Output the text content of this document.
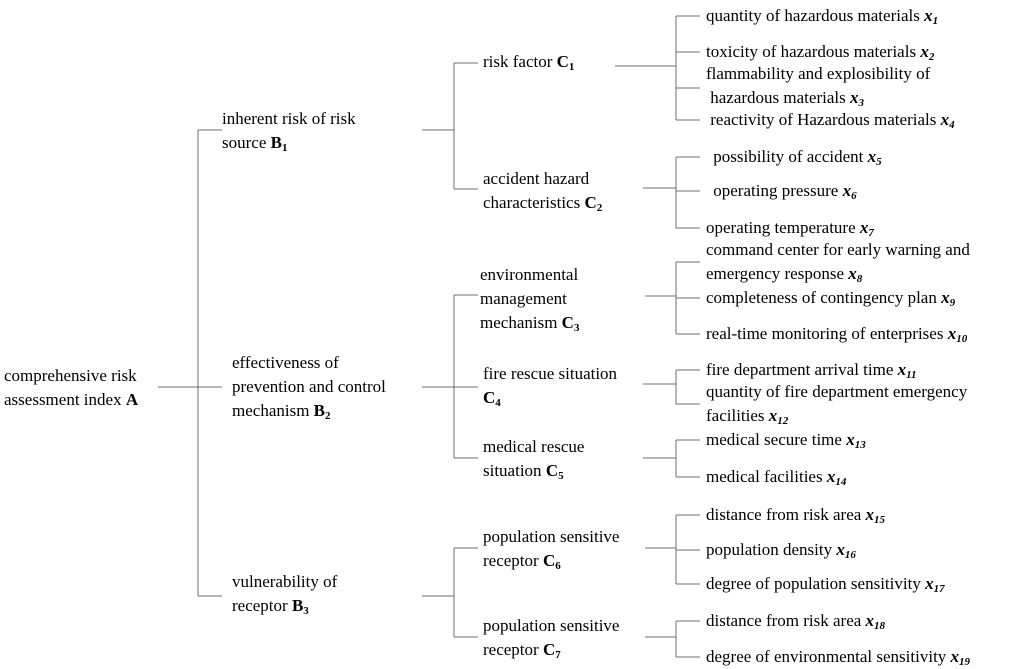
comprehensive risk
assessment index A
inherent risk of risk
source $B_1$
effectiveness of
prevention and control
mechanism $B_2$
vulnerability of
receptor $B_3$
risk factor $C_1$
accident hazard
characteristics $C_2$
environmental
management
mechanism $C_3$
fire rescue situation
$C_4$
medical rescue
situation $C_5$
population sensitive
receptor $C_6$
population sensitive
receptor $C_7$
quantity of hazardous materials $x_1$
toxicity of hazardous materials $x_2$
flammability and explosibility of
hazardous materials $x_3$
reactivity of Hazardous materials $x_4$
possibility of accident $x_5$
operating pressure $x_6$
operating temperature $x_7$
command center for early warning and
emergency response $x_8$
completeness of contingency plan $x_9$
real-time monitoring of enterprises $x_{10}$
fire department arrival time $x_{11}$
quantity of fire department emergency
facilities $x_{12}$
medical secure time $x_{13}$
medical facilities $x_{14}$
distance from risk area $x_{15}$
population density $x_{16}$
degree of population sensitivity $x_{17}$
distance from risk area $x_{18}$
degree of environmental sensitivity $x_{19}$
